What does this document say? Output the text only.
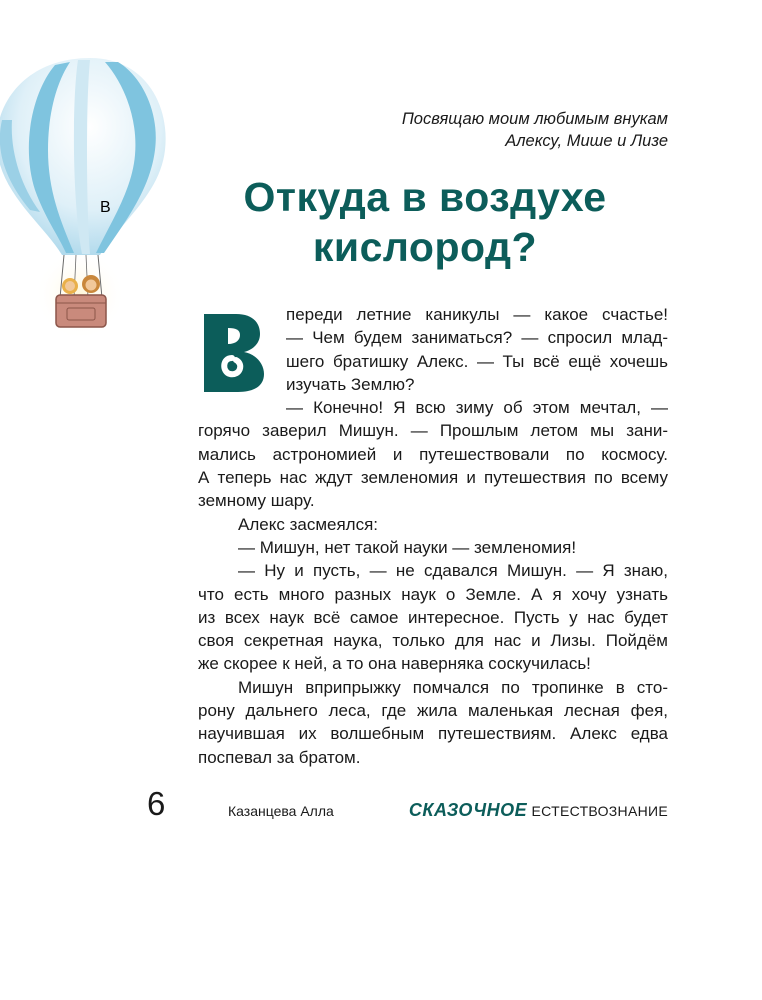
Посвящаю моим любимым внукам
Алексу, Мише и Лизе
Откуда в воздухе
кислород?
В
переди летние каникулы — какое счастье!
— Чем будем заниматься? — спросил млад-
шего братишку Алекс. — Ты всё ещё хочешь
изучать Землю?
— Конечно! Я всю зиму об этом мечтал, —
горячо заверил Мишун. — Прошлым летом мы зани-
мались астрономией и путешествовали по космосу.
А теперь нас ждут земленомия и путешествия по всему
земному шару.
Алекс засмеялся:
— Мишун, нет такой науки — земленомия!
— Ну и пусть, — не сдавался Мишун. — Я знаю,
что есть много разных наук о Земле. А я хочу узнать
из всех наук всё самое интересное. Пусть у нас будет
своя секретная наука, только для нас и Лизы. Пойдём
же скорее к ней, а то она наверняка соскучилась!
Мишун вприпрыжку помчался по тропинке в сто-
рону дальнего леса, где жила маленькая лесная фея,
научившая их волшебным путешествиям. Алекс едва
поспевал за братом.
6	Казанцева Алла	СКАЗОЧНОЕ ЕСТЕСТВОЗНАНИЕ
